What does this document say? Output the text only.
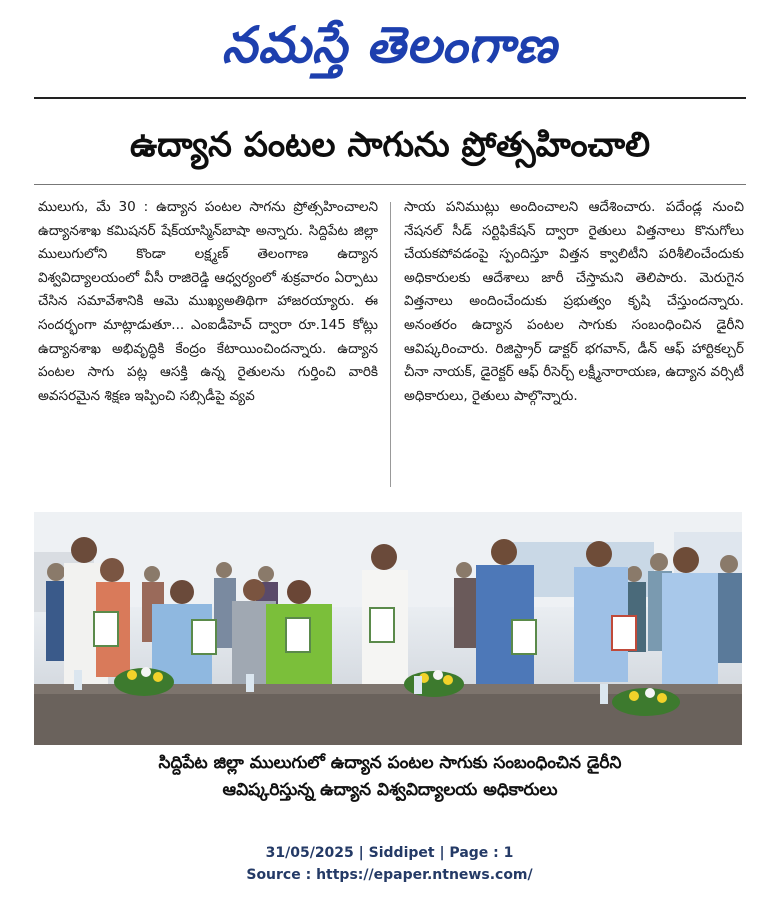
నమస్తే తెలంగాణ
ఉద్యాన పంటల సాగును ప్రోత్సహించాలి
ములుగు, మే 30 : ఉద్యాన పంటల సాగను ప్రోత్సహించాలని ఉద్యానశాఖ కమిషనర్ షేక్‌యాస్మిన్‌బాషా అన్నారు. సిద్దిపేట జిల్లా ములుగులోని కొండా లక్ష్మణ్ తెలంగాణ ఉద్యాన విశ్వవిద్యాలయంలో వీసీ రాజిరెడ్డి ఆధ్వర్యంలో శుక్రవారం ఏర్పాటు చేసిన సమావేశానికి ఆమె ముఖ్యఅతిథిగా హాజరయ్యారు. ఈ సందర్భంగా మాట్లాడుతూ... ఎంఐడీహెచ్ ద్వారా రూ.145 కోట్లు ఉద్యానశాఖ అభివృద్ధికి కేంద్రం కేటాయించిందన్నారు. ఉద్యాన పంటల సాగు పట్ల ఆసక్తి ఉన్న రైతులను గుర్తించి వారికి అవసరమైన శిక్షణ ఇప్పించి సబ్సిడీపై వ్యవ
సాయ పనిముట్లు అందించాలని ఆదేశించారు. పదేండ్ల నుంచి నేషనల్ సీడ్ సర్టిఫికేషన్ ద్వారా రైతులు విత్తనాలు కొనుగోలు చేయకపోవడంపై స్పందిస్తూ విత్తన క్వాలిటీని పరిశీలించేందుకు అధికారులకు ఆదేశాలు జారీ చేస్తామని తెలిపారు. మెరుగైన విత్తనాలు అందించేందుకు ప్రభుత్వం కృషి చేస్తుందన్నారు. అనంతరం ఉద్యాన పంటల సాగుకు సంబంధించిన డైరీని ఆవిష్కరించారు. రిజిస్ట్రార్ డాక్టర్ భగవాన్, డీన్ ఆఫ్ హార్టికల్చర్ చీనా నాయక్, డైరెక్టర్ ఆఫ్ రీసెర్చ్ లక్ష్మీనారాయణ, ఉద్యాన వర్సిటీ అధికారులు, రైతులు పాల్గొన్నారు.
సిద్దిపేట జిల్లా ములుగులో ఉద్యాన పంటల సాగుకు సంబంధించిన డైరీని
ఆవిష్కరిస్తున్న ఉద్యాన విశ్వవిద్యాలయ అధికారులు
31/05/2025 | Siddipet | Page : 1
Source : https://epaper.ntnews.com/
